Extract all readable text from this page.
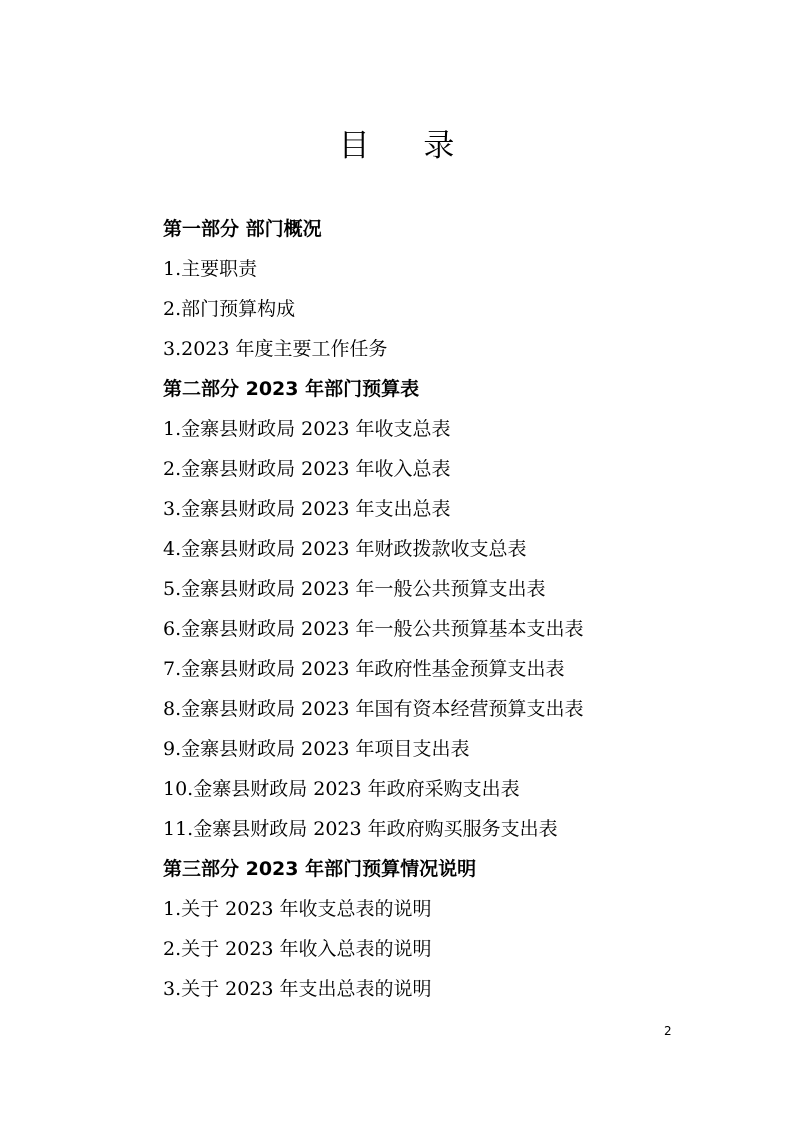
目 录
第一部分 部门概况
1.主要职责
2.部门预算构成
3.2023 年度主要工作任务
第二部分 2023 年部门预算表
1.金寨县财政局 2023 年收支总表
2.金寨县财政局 2023 年收入总表
3.金寨县财政局 2023 年支出总表
4.金寨县财政局 2023 年财政拨款收支总表
5.金寨县财政局 2023 年一般公共预算支出表
6.金寨县财政局 2023 年一般公共预算基本支出表
7.金寨县财政局 2023 年政府性基金预算支出表
8.金寨县财政局 2023 年国有资本经营预算支出表
9.金寨县财政局 2023 年项目支出表
10.金寨县财政局 2023 年政府采购支出表
11.金寨县财政局 2023 年政府购买服务支出表
第三部分 2023 年部门预算情况说明
1.关于 2023 年收支总表的说明
2.关于 2023 年收入总表的说明
3.关于 2023 年支出总表的说明
2
